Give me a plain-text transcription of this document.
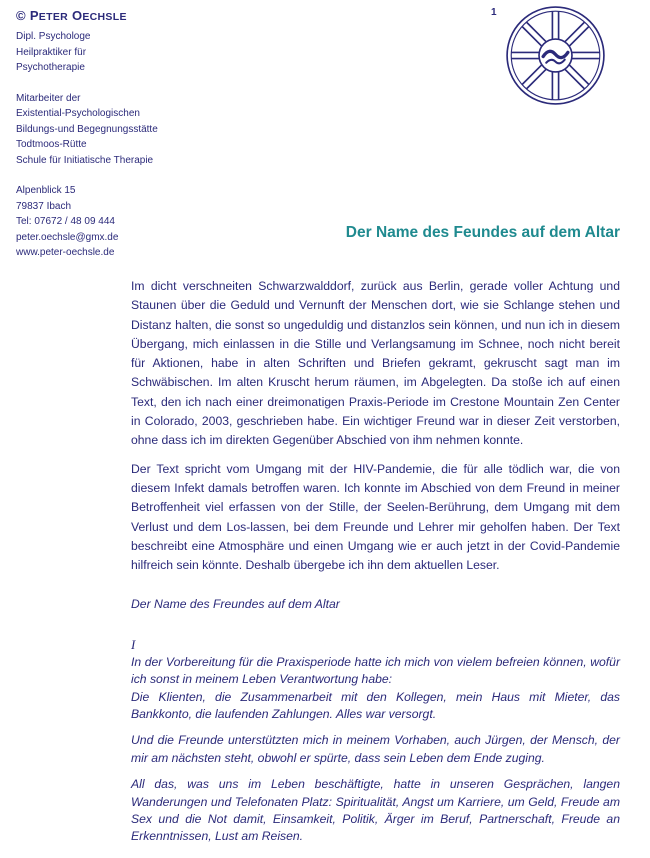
© PETER OECHSLE
Dipl. Psychologe
Heilpraktiker für
Psychotherapie
Mitarbeiter der
Existential-Psychologischen
Bildungs-und Begegnungsstätte
Todtmoos-Rütte
Schule für Initiatische Therapie
Alpenblick 15
79837 Ibach
Tel: 07672 / 48 09 444
peter.oechsle@gmx.de
www.peter-oechsle.de
1
Der Name des Feundes auf dem Altar

Im dicht verschneiten Schwarzwalddorf, zurück aus Berlin, gerade voller Achtung und Staunen über die Geduld und Vernunft der Menschen dort, wie sie Schlange stehen und Distanz halten, die sonst so ungeduldig und distanzlos sein können, und nun ich in diesem Übergang, mich einlassen in die Stille und Verlangsamung im Schnee, noch nicht bereit für Aktionen, habe in alten Schriften und Briefen gekramt, gekruscht sagt man im Schwäbischen. Im alten Kruscht herum räumen, im Abgelegten. Da stoße ich auf einen Text, den ich nach einer dreimonatigen Praxis-Periode im Crestone Mountain Zen Center in Colorado, 2003, geschrieben habe. Ein wichtiger Freund war in dieser Zeit verstorben, ohne dass ich im direkten Gegenüber Abschied von ihm nehmen konnte.

Der Text spricht vom Umgang mit der HIV-Pandemie, die für alle tödlich war, die von diesem Infekt damals betroffen waren. Ich konnte im Abschied von dem Freund in meiner Betroffenheit viel erfassen von der Stille, der Seelen-Berührung, dem Umgang mit dem Verlust und dem Los-lassen, bei dem Freunde und Lehrer mir geholfen haben. Der Text beschreibt eine Atmosphäre und einen Umgang wie er auch jetzt in der Covid-Pandemie hilfreich sein könnte. Deshalb übergebe ich ihn dem aktuellen Leser.

Der Name des Freundes auf dem Altar

I

In der Vorbereitung für die Praxisperiode hatte ich mich von vielem befreien können, wofür ich sonst in meinem Leben Verantwortung habe:
Die Klienten, die Zusammenarbeit mit den Kollegen, mein Haus mit Mieter, das Bankkonto, die laufenden Zahlungen. Alles war versorgt.

Und die Freunde unterstützten mich in meinem Vorhaben, auch Jürgen, der Mensch, der mir am nächsten steht, obwohl er spürte, dass sein Leben dem Ende zuging.

All das, was uns im Leben beschäftigte, hatte in unseren Gesprächen, langen Wanderungen und Telefonaten Platz: Spiritualität, Angst um Karriere, um Geld, Freude am Sex und die Not damit, Einsamkeit, Politik, Ärger im Beruf, Partnerschaft, Freude an Erkenntnissen, Lust am Reisen.
